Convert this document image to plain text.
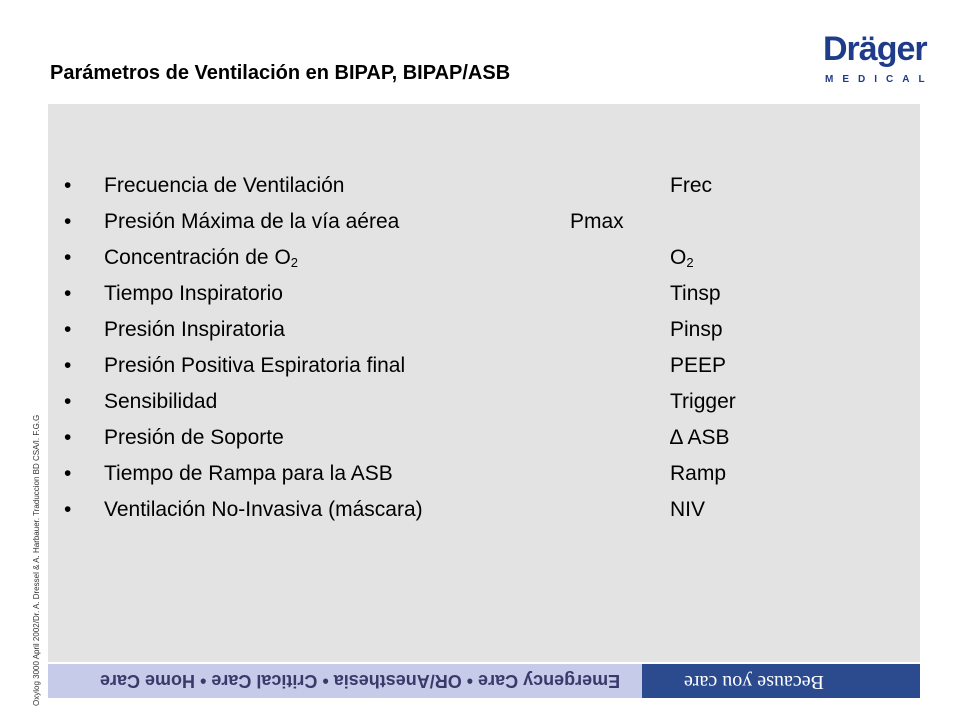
Parámetros de Ventilación en BIPAP, BIPAP/ASB
Dräger
MEDICAL
• Frecuencia de Ventilación	Frec
• Presión Máxima de la vía aérea	Pmax
• Concentración de $O_2$	$O_2$
• Tiempo Inspiratorio	Tinsp
• Presión Inspiratoria	Pinsp
• Presión Positiva Espiratoria final	PEEP
• Sensibilidad	Trigger
• Presión de Soporte	∆ ASB
• Tiempo de Rampa para la ASB	Ramp
• Ventilación No-Invasiva (máscara)	NIV
Oxylog 3000 April 2002/Dr. A. Dressel & A. Harbauer. Traduccion BD CSA/I. F.G.G	Emergency Care • OR/Anesthesia • Critical Care • Home Care	Because you care
